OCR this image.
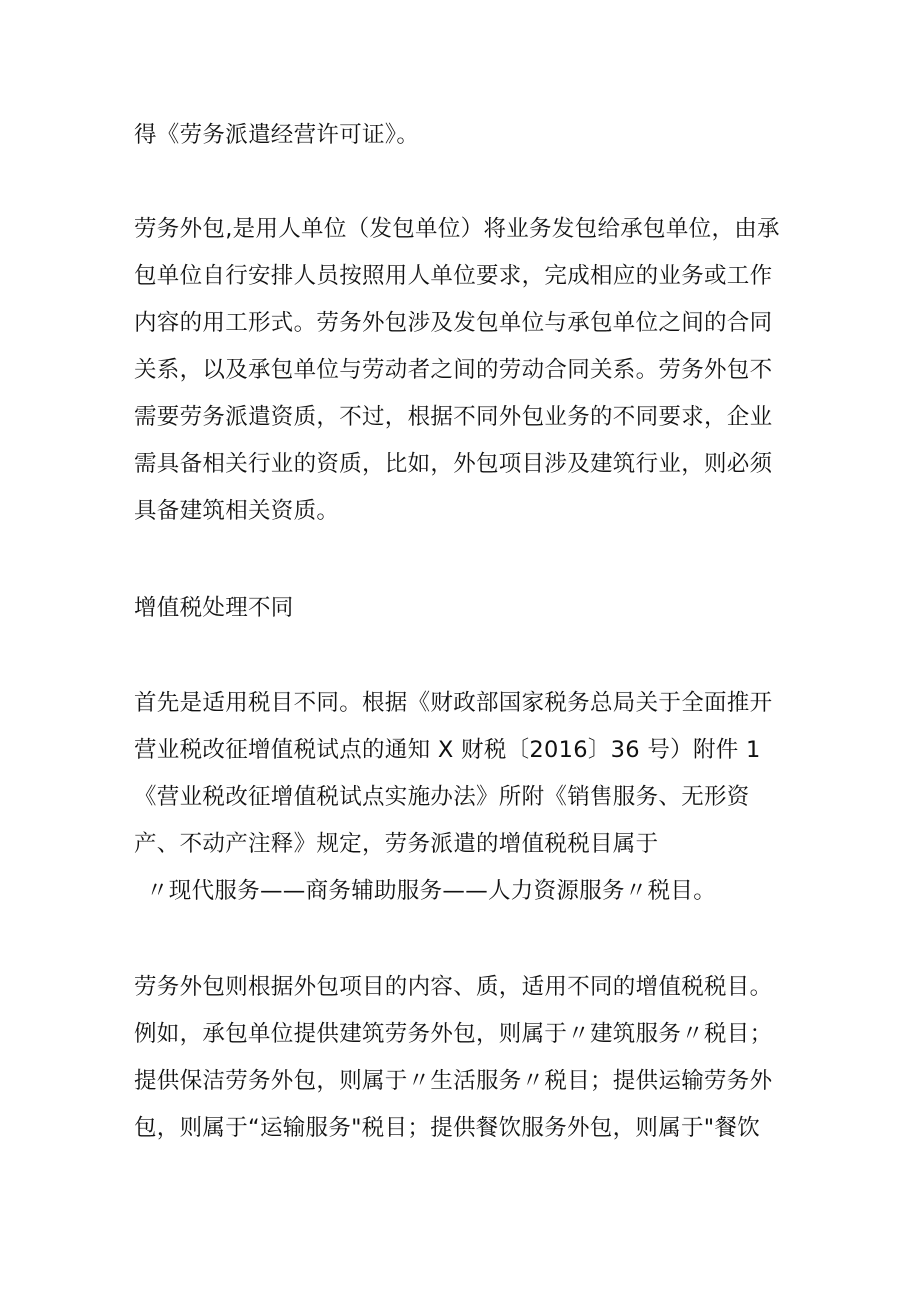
得《劳务派遣经营许可证》。
劳务外包,是用人单位（发包单位）将业务发包给承包单位，由承
包单位自行安排人员按照用人单位要求，完成相应的业务或工作
内容的用工形式。劳务外包涉及发包单位与承包单位之间的合同
关系，以及承包单位与劳动者之间的劳动合同关系。劳务外包不
需要劳务派遣资质，不过，根据不同外包业务的不同要求，企业
需具备相关行业的资质，比如，外包项目涉及建筑行业，则必须
具备建筑相关资质。
增值税处理不同
首先是适用税目不同。根据《财政部国家税务总局关于全面推开
营业税改征增值税试点的通知 X 财税〔2016〕36 号）附件 1
《营业税改征增值税试点实施办法》所附《销售服务、无形资
产、不动产注释》规定，劳务派遣的增值税税目属于
〃现代服务——商务辅助服务——人力资源服务〃税目。
劳务外包则根据外包项目的内容、质，适用不同的增值税税目。
例如，承包单位提供建筑劳务外包，则属于〃建筑服务〃税目；
提供保洁劳务外包，则属于〃生活服务〃税目；提供运输劳务外
包，则属于“运输服务"税目；提供餐饮服务外包，则属于"餐饮
